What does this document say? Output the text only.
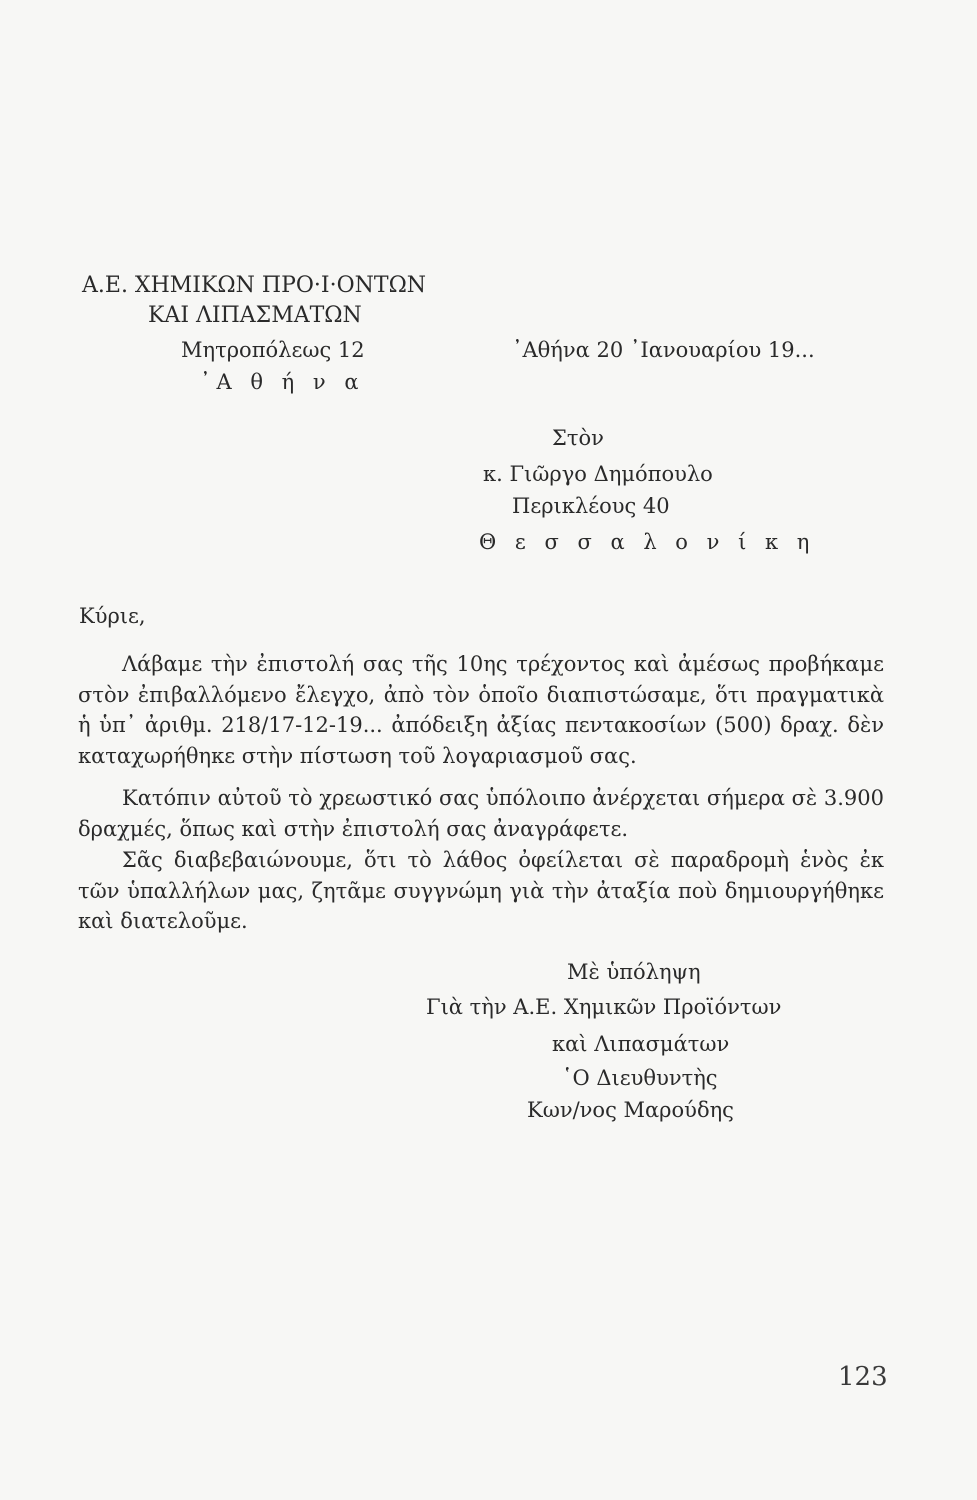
Α.Ε. ΧΗΜΙΚΩΝ ΠΡΟ·Ι·ΟΝΤΩΝ
ΚΑΙ ΛΙΠΑΣΜΑΤΩΝ
Μητροπόλεως 12
᾿Α θ ή ν α
᾿Αθήνα 20 ᾿Ιανουαρίου 19...
Στὸν
κ. Γιῶργο Δημόπουλο
Περικλέους 40
Θ ε σ σ α λ ο ν ί κ η
Κύριε,
Λάβαμε τὴν ἐπιστολή σας τῆς 10ης τρέχοντος καὶ ἀμέσως προβήκαμε στὸν ἐπιβαλλόμενο ἔλεγχο, ἀπὸ τὸν ὁποῖο διαπιστώσαμε, ὅτι πραγματικὰ ἡ ὑπ᾿ ἀριθμ. 218/17-12-19... ἀπόδειξη ἀξίας πεντακοσίων (500) δραχ. δὲν καταχωρήθηκε στὴν πίστωση τοῦ λογαριασμοῦ σας.
Κατόπιν αὐτοῦ τὸ χρεωστικό σας ὑπόλοιπο ἀνέρχεται σήμερα σὲ 3.900 δραχμές, ὅπως καὶ στὴν ἐπιστολή σας ἀναγράφετε.
Σᾶς διαβεβαιώνουμε, ὅτι τὸ λάθος ὀφείλεται σὲ παραδρομὴ ἑνὸς ἐκ τῶν ὑπαλλήλων μας, ζητᾶμε συγγνώμη γιὰ τὴν ἀταξία ποὺ δημιουργήθηκε καὶ διατελοῦμε.
Μὲ ὑπόληψη
Γιὰ τὴν Α.Ε. Χημικῶν Προϊόντων
καὶ Λιπασμάτων
῾Ο Διευθυντὴς
Κων/νος Μαρούδης
123
